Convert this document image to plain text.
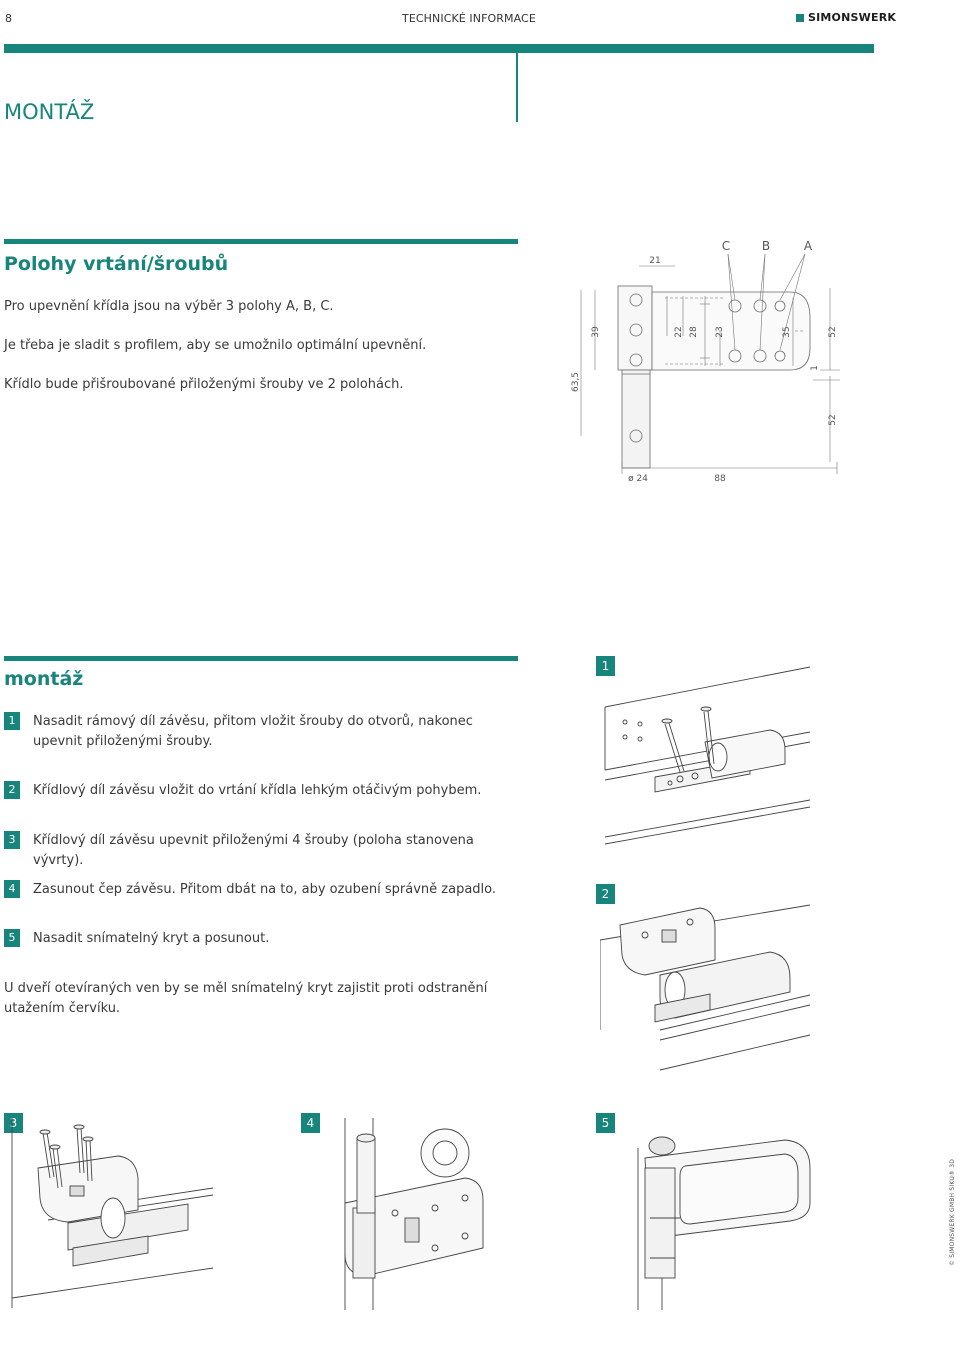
8	TECHNICKÉ INFORMACE	SIMONSWERK
MONTÁŽ
Polohy vrtání/šroubů
Pro upevnění křídla jsou na výběr 3 polohy A, B, C.
Je třeba je sladit s profilem, aby se umožnilo optimální upevnění.
Křídlo bude přišroubované přiloženými šrouby ve 2 polohách.
C	B	A
21
39
63,5
22 28 23	35	52
1
52
ø 24	88
montáž
1	Nasadit rámový díl závěsu, přitom vložit šrouby do otvorů, nakonec upevnit přiloženými šrouby.
2	Křídlový díl závěsu vložit do vrtání křídla lehkým otáčivým pohybem.
3	Křídlový díl závěsu upevnit přiloženými 4 šrouby (poloha stanovena vývrty).
4	Zasunout čep závěsu. Přitom dbát na to, aby ozubení správně zapadlo.
5	Nasadit snímatelný kryt a posunout.
U dveří otevíraných ven by se měl snímatelný kryt zajistit proti odstranění utažením červíku.
1
2
3	4	5
© SIMONSWERK GMBH SIKU® 3D
